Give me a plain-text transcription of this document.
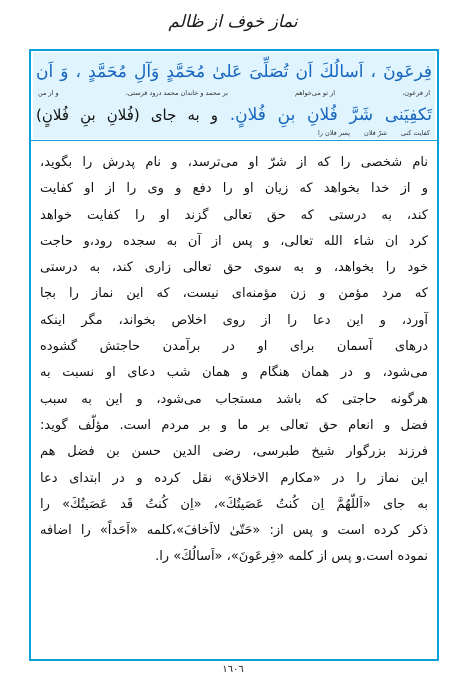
نماز خوف از ظالم
فِرعَونَ ، اَسالُكَ اَن تُصَلِّیَ عَلیٰ مُحَمَّدٍ وَآلِ مُحَمَّدٍ ، وَ اَن
از فرعون،
از تو می‌خواهم
بر محمد و خاندان محمد درود فرستی،
و از من
تَكفِیَنی شَرَّ فُلانِ بنِ فُلانٍ. و به جای (فُلانِ بنِ فُلانٍ)
کفایت کنی
شرّ فلان
پسر فلان را
نام شخصی را که از شرّ او می‌ترسد، و نام پدرش را بگوید،
و از خدا بخواهد که زیان او را دفع و وی را از او کفایت
کند، به درستی که حق تعالی گزند او را کفایت خواهد
کرد ان شاء الله تعالی، و پس از آن به سجده رود،و حاجت
خود را بخواهد، و به سوی حق تعالی زاری کند، به درستی
که مرد مؤمن و زن مؤمنه‌ای نیست، که این نماز را بجا
آورد، و این دعا را از روی اخلاص بخواند، مگر اینکه
درهای آسمان برای او در برآمدن حاجتش گشوده
می‌شود، و در همان هنگام و همان شب دعای او نسبت به
هرگونه حاجتی که باشد مستجاب می‌شود، و این به سبب
فضل و انعام حق تعالی بر ما و بر مردم است. مؤلّف گوید:
فرزند بزرگوار شیخ طبرسی، رضی الدین حسن بن فضل هم
این نماز را در «مكارم الاخلاق» نقل کرده و در ابتدای دعا
به جای «اَللّهُمَّ اِن كُنتُ عَصَیتُكَ»، «اِن كُنتُ قَد عَصَیتُكَ» را
ذکر کرده است و پس از: «حَتّیٰ لااَخافَ»،کلمه «اَحَداً» را اضافه
نموده است.و پس از کلمه «فِرعَونَ»، «اَسالُكَ» را.
١٦٠٦
